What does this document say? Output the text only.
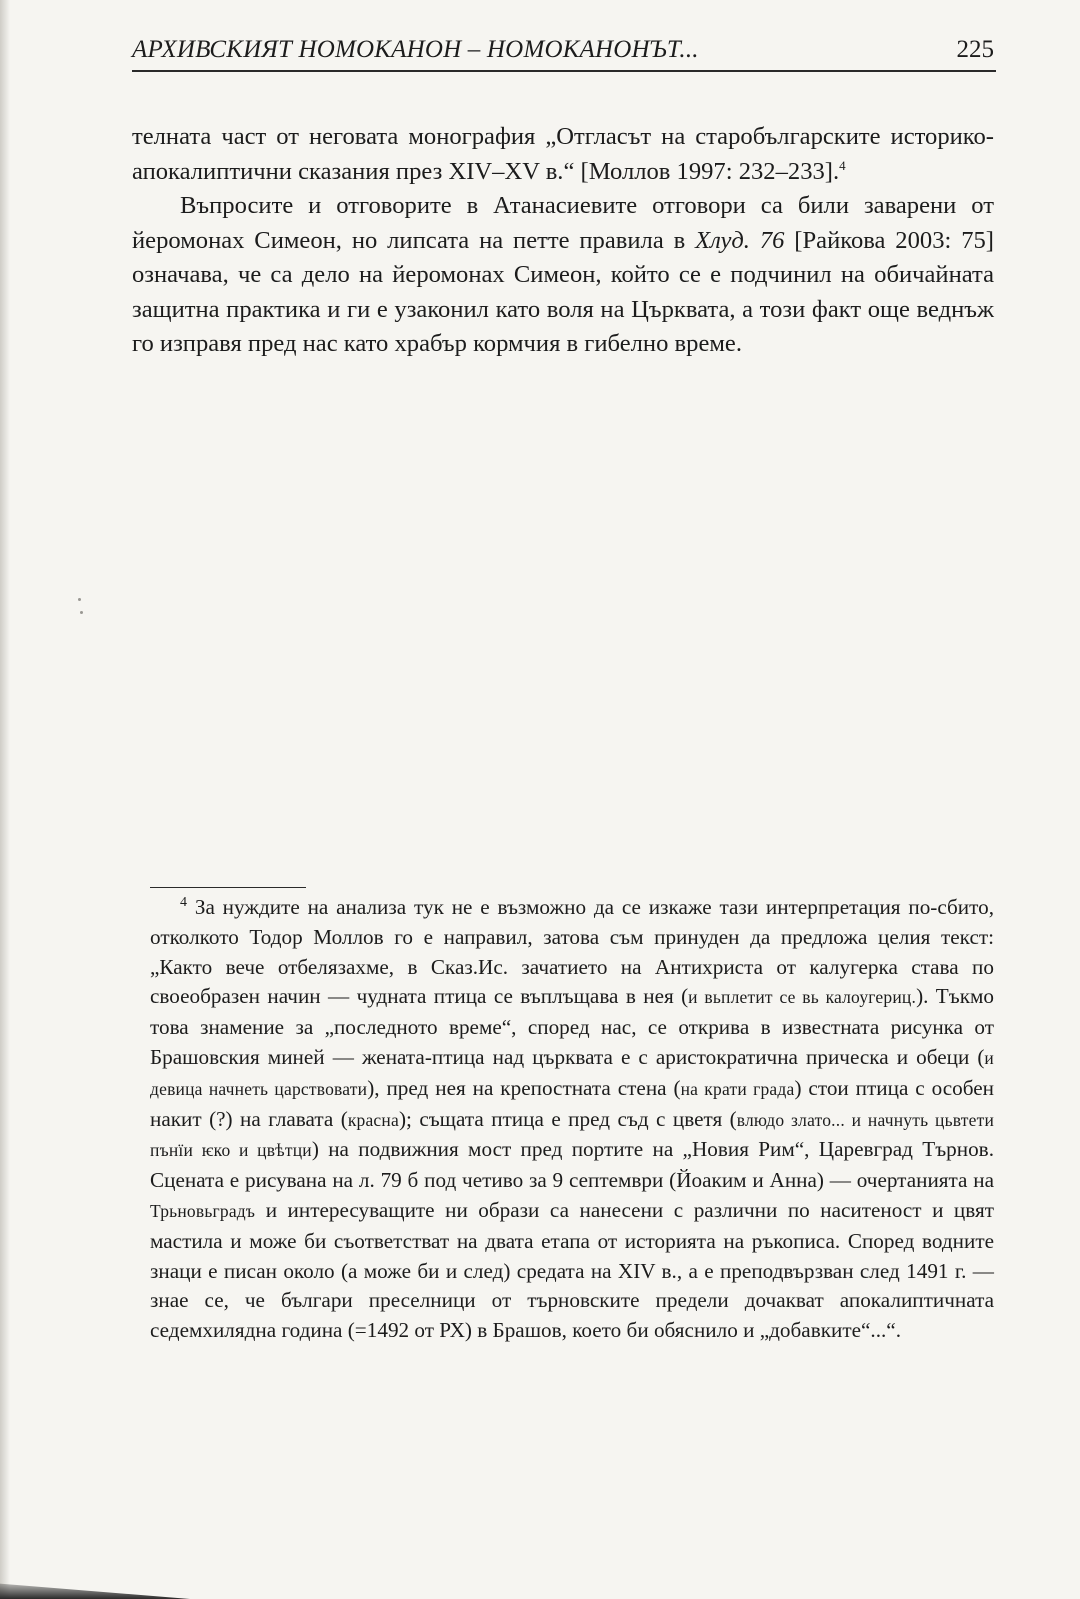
АРХИВСКИЯТ НОМОКАНОН – НОМОКАНОНЪТ...	225

телната част от неговата монография „Отгласът на старобългарските историко-апокалиптични сказания през XIV–XV в.“ [Моллов 1997: 232–233].$^4$

Въпросите и отговорите в Атанасиевите отговори са били заварени от йеромонах Симеон, но липсата на петте правила в Хлуд. 76 [Райкова 2003: 75] означава, че са дело на йеромонах Симеон, който се е подчинил на обичайната защитна практика и ги е узаконил като воля на Църквата, а този факт още веднъж го изправя пред нас като храбър кормчия в гибелно време.

$^4$ За нуждите на анализа тук не е възможно да се изкаже тази интерпретация по-сбито, отколкото Тодор Моллов го е направил, затова съм принуден да предложа целия текст: „Както вече отбелязахме, в Сказ.Ис. зачатието на Антихриста от калугерка става по своеобразен начин — чудната птица се въплъщава в нея (и вьплетит се вь калоугериц.). Тъкмо това знамение за „последното време“, според нас, се открива в известната рисунка от Брашовския миней — жената-птица над църквата е с аристократична прическа и обеци (и девица начнеть царствовати), пред нея на крепостната стена (на крати града) стои птица с особен накит (?) на главата (красна); същата птица е пред съд с цветя (влюдо злато... и начнуть цьвтети пънїи ѥко и цвѣтци) на подвижния мост пред портите на „Новия Рим“, Царевград Търнов. Сцената е рисувана на л. 79 б под четиво за 9 септември (Йоаким и Анна) — очертанията на Трьновьградъ и интересуващите ни образи са нанесени с различни по наситеност и цвят мастила и може би съответстват на двата етапа от историята на ръкописа. Според водните знаци е писан около (а може би и след) средата на XIV в., а е преподвързван след 1491 г. — знае се, че българи преселници от търновските предели дочакват апокалиптичната седемхилядна година (=1492 от РХ) в Брашов, което би обяснило и „добавките“...“.
